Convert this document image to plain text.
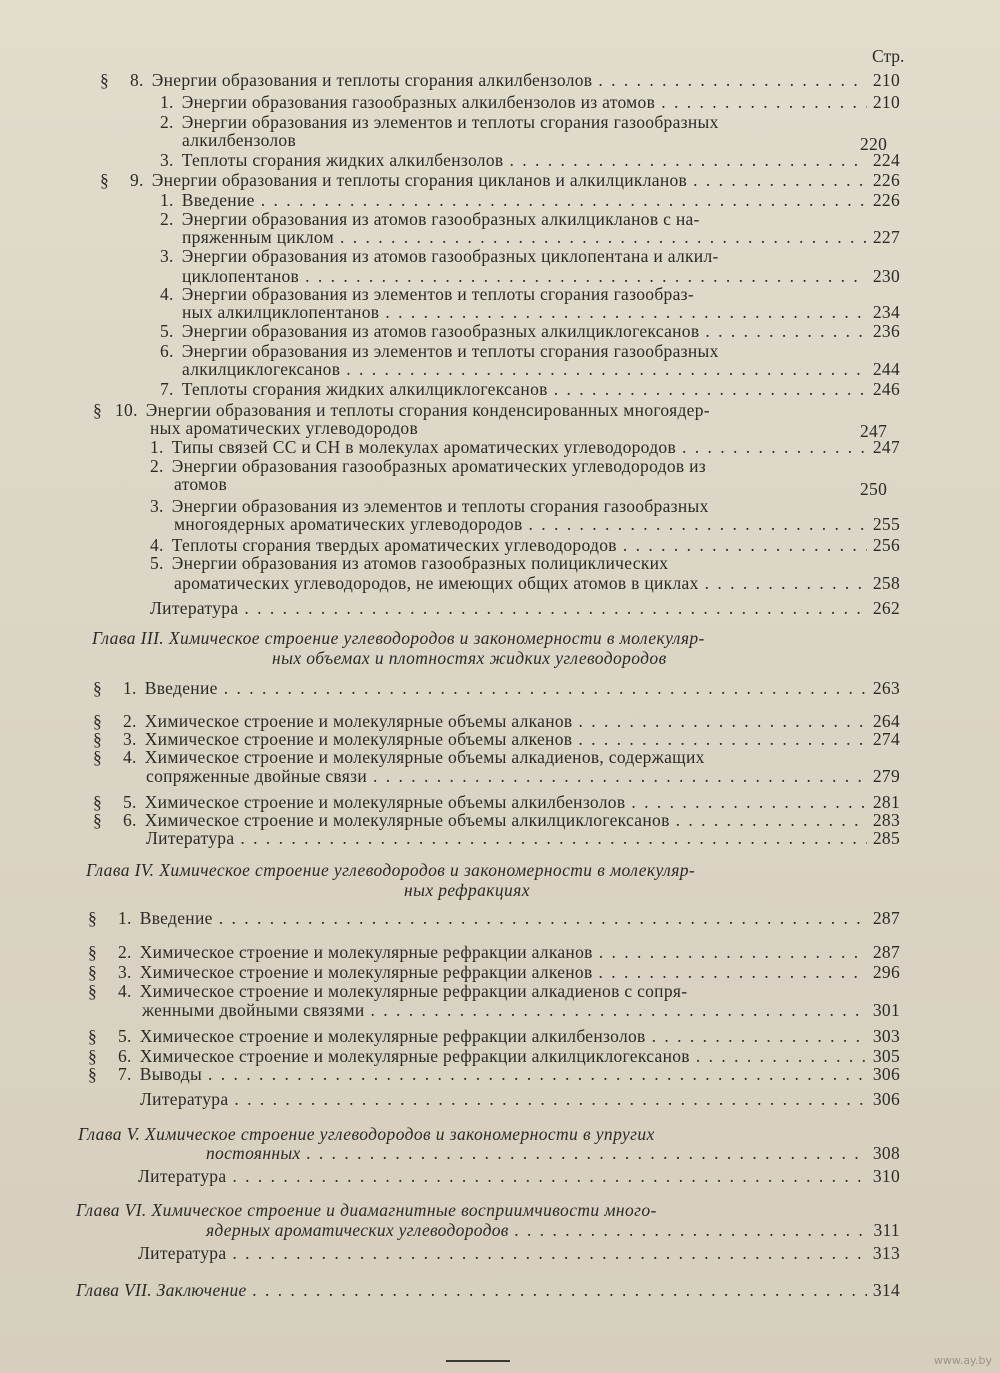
Стр.
§	8. Энергии образования и теплоты сгорания алкилбензолов . . .	210
1. Энергии образования газообразных алкилбензолов из атомов . . .	210
2. Энергии образования из элементов и теплоты сгорания газообразных
алкилбензолов	220
3. Теплоты сгорания жидких алкилбензолов . . .	224
§	9. Энергии образования и теплоты сгорания цикланов и алкилцикланов . . .	226
1. Введение . . .	226
2. Энергии образования из атомов газообразных алкилцикланов с на-
пряженным циклом . . .	227
3. Энергии образования из атомов газообразных циклопентана и алкил-
циклопентанов . . .	230
4. Энергии образования из элементов и теплоты сгорания газообраз-
ных алкилциклопентанов . . .	234
5. Энергии образования из атомов газообразных алкилциклогексанов . . .	236
6. Энергии образования из элементов и теплоты сгорания газообразных
алкилциклогексанов . . .	244
7. Теплоты сгорания жидких алкилциклогексанов . . .	246
§ 10. Энергии образования и теплоты сгорания конденсированных многоядер-
ных ароматических углеводородов	247
1. Типы связей СС и СН в молекулах ароматических углеводородов . . .	247
2. Энергии образования газообразных ароматических углеводородов из
атомов	250
3. Энергии образования из элементов и теплоты сгорания газообразных
многоядерных ароматических углеводородов . . .	255
4. Теплоты сгорания твердых ароматических углеводородов . . .	256
5. Энергии образования из атомов газообразных полициклических
ароматических углеводородов, не имеющих общих атомов в циклах . . .	258
Литература . . .	262
Глава III. Химическое строение углеводородов и закономерности в молекуляр-
ных объемах и плотностях жидких углеводородов
§	1. Введение . . .	263
§	2. Химическое строение и молекулярные объемы алканов . . .	264
§	3. Химическое строение и молекулярные объемы алкенов . . .	274
§	4. Химическое строение и молекулярные объемы алкадиенов, содержащих
сопряженные двойные связи . . .	279
§	5. Химическое строение и молекулярные объемы алкилбензолов . . .	281
§	6. Химическое строение и молекулярные объемы алкилциклогексанов . . .	283
Литература . . .	285
Глава IV. Химическое строение углеводородов и закономерности в молекуляр-
ных рефракциях
§	1. Введение . . .	287
§	2. Химическое строение и молекулярные рефракции алканов . . .	287
§	3. Химическое строение и молекулярные рефракции алкенов . . .	296
§	4. Химическое строение и молекулярные рефракции алкадиенов с сопря-
женными двойными связями . . .	301
§	5. Химическое строение и молекулярные рефракции алкилбензолов . . .	303
§	6. Химическое строение и молекулярные рефракции алкилциклогексанов . . .	305
§	7. Выводы . . .	306
Литература . . .	306
Глава V. Химическое строение углеводородов и закономерности в упругих
постоянных . . .	308
Литература . . .	310
Глава VI. Химическое строение и диамагнитные восприимчивости много-
ядерных ароматических углеводородов . . .	311
Литература . . .	313
Глава VII. Заключение . . .	314
www.ay.by
